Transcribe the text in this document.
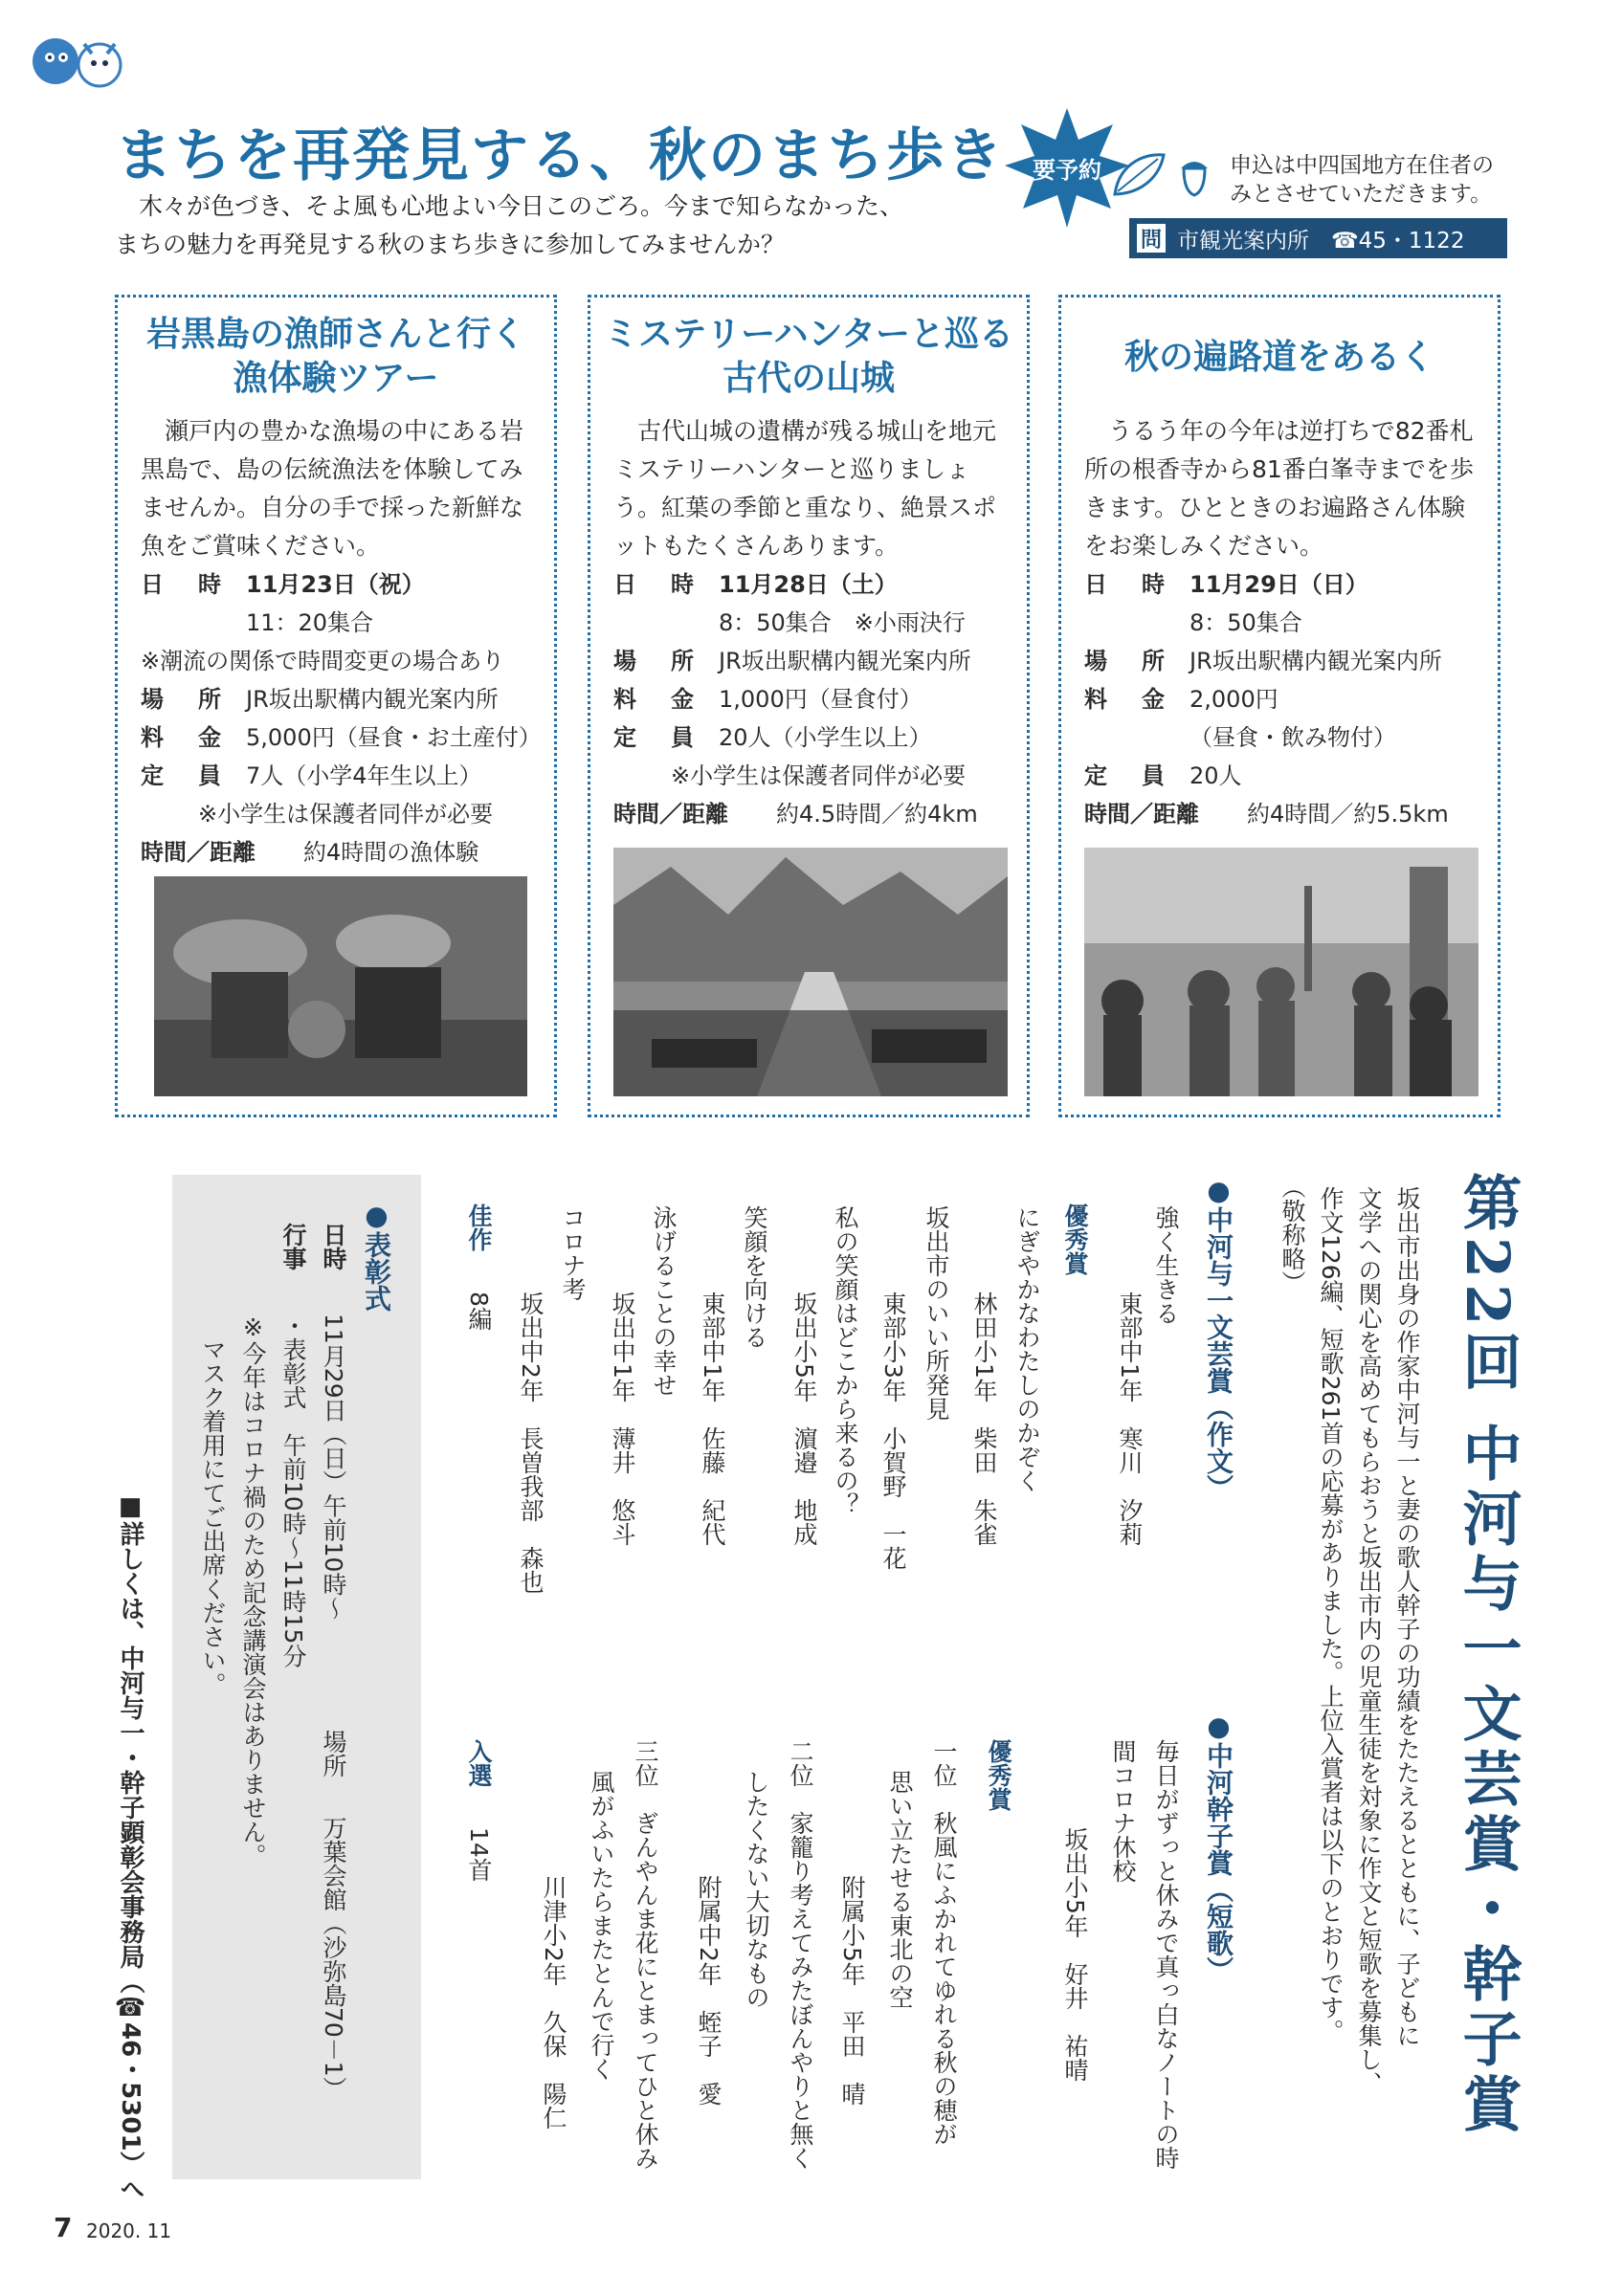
まちを再発見する、秋のまち歩き
木々が色づき、そよ風も心地よい今日このごろ。今まで知らなかった、
まちの魅力を再発見する秋のまち歩きに参加してみませんか？
要予約	申込は中四国地方在住者の
みとさせていただきます。
問 市観光案内所　☎45・1122
岩黒島の漁師さんと行く
漁体験ツアー
瀬戸内の豊かな漁場の中にある岩黒島で、島の伝統漁法を体験してみませんか。自分の手で採った新鮮な魚をご賞味ください。
日　時 11月23日（祝）
11：20集合
※潮流の関係で時間変更の場合あり
場　所 JR坂出駅構内観光案内所
料　金 5,000円（昼食・お土産付）
定　員 7人（小学4年生以上）
※小学生は保護者同伴が必要
時間／距離	約4時間の漁体験
ミステリーハンターと巡る
古代の山城
古代山城の遺構が残る城山を地元ミステリーハンターと巡りましょう。紅葉の季節と重なり、絶景スポットもたくさんあります。
日　時 11月28日（土）
8：50集合　※小雨決行
場　所 JR坂出駅構内観光案内所
料　金 1,000円（昼食付）
定　員 20人（小学生以上）
※小学生は保護者同伴が必要
時間／距離	約4.5時間／約4km
秋の遍路道をあるく
うるう年の今年は逆打ちで82番札所の根香寺から81番白峯寺までを歩きます。ひとときのお遍路さん体験をお楽しみください。
日　時 11月29日（日）
8：50集合
場　所 JR坂出駅構内観光案内所
料　金 2,000円
（昼食・飲み物付）
定　員 20人
時間／距離	約4時間／約5.5km
第22回 中河与一文芸賞・幹子賞
坂出市出身の作家中河与一と妻の歌人幹子の功績をたたえるとともに、子どもに
文学への関心を高めてもらおうと坂出市内の児童生徒を対象に作文と短歌を募集し、
作文126編、短歌261首の応募がありました。上位入賞者は以下のとおりです。
（敬称略）
●中河与一文芸賞（作文）
強く生きる
東部中1年　寒川　汐莉
優秀賞
にぎやかなわたしのかぞく
林田小1年　柴田　朱雀
坂出市のいい所発見
東部小3年　小賀野　一花
私の笑顔はどこから来るの？
坂出小5年　濵邉　地成
笑顔を向ける
東部中1年　佐藤　紀代
泳げることの幸せ
坂出中1年　薄井　悠斗
コロナ考
坂出中2年　長曽我部　森也
佳作
8編
●中河幹子賞（短歌）
毎日がずっと休みで真っ白なノートの時
間コロナ休校
坂出小5年　好井　祐晴
優秀賞
一位　秋風にふかれてゆれる秋の穂が
思い立たせる東北の空
附属小5年　平田　晴
二位　家籠り考えてみたぼんやりと無く
したくない大切なもの
附属中2年　蛭子　愛
三位　ぎんやんま花にとまってひと休み
風がふいたらまたとんで行く
川津小2年　久保　陽仁
入選
14首
●表彰式
日時
11月29日（日）午前10時〜
場所
万葉会館（沙弥島70－1）
行事
・表彰式　午前10時〜11時15分
※今年はコロナ禍のため記念講演会はありません。
マスク着用にてご出席ください。
■詳しくは、中河与一・幹子顕彰会事務局（☎46・5301）へ
7 2020. 11
